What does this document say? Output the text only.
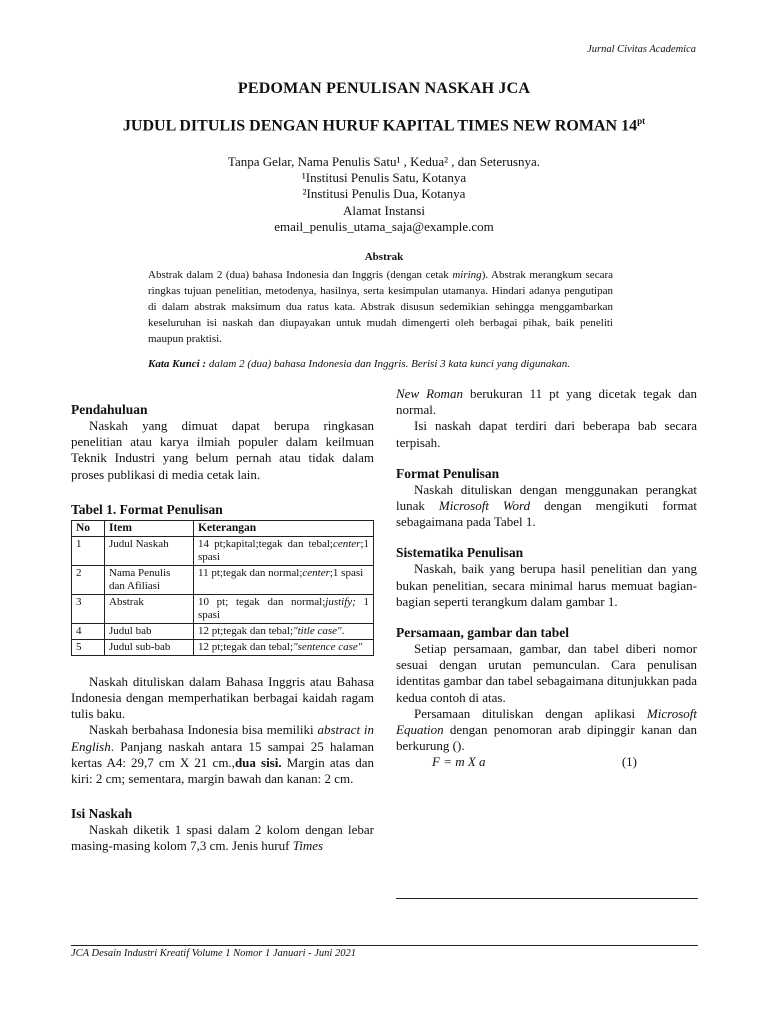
Jurnal Civitas Academica
PEDOMAN PENULISAN NASKAH JCA
JUDUL DITULIS DENGAN HURUF KAPITAL TIMES NEW ROMAN $14^{pt}$
Tanpa Gelar, Nama Penulis Satu¹ , Kedua² , dan Seterusnya.
¹Institusi Penulis Satu, Kotanya
²Institusi Penulis Dua, Kotanya
Alamat Instansi
email_penulis_utama_saja@example.com
Abstrak
Abstrak dalam 2 (dua) bahasa Indonesia dan Inggris (dengan cetak miring). Abstrak merangkum secara ringkas tujuan penelitian, metodenya, hasilnya, serta kesimpulan utamanya. Hindari adanya pengutipan di dalam abstrak maksimum dua ratus kata. Abstrak disusun sedemikian sehingga menggambarkan keseluruhan isi naskah dan diupayakan untuk mudah dimengerti oleh berbagai pihak, baik peneliti maupun praktisi.
Kata Kunci : dalam 2 (dua) bahasa Indonesia dan Inggris. Berisi 3 kata kunci yang digunakan.
Pendahuluan

Naskah yang dimuat dapat berupa ringkasan penelitian atau karya ilmiah populer dalam keilmuan Teknik Industri yang belum pernah atau tidak dalam proses publikasi di media cetak lain.

Tabel 1. Format Penulisan
No	Item	Keterangan
1	Judul Naskah	14 pt;kapital;tegak dan tebal;center;1 spasi
2	Nama Penulis dan Afiliasi	11 pt;tegak dan normal;center;1 spasi
3	Abstrak	10 pt; tegak dan normal;justify; 1 spasi
4	Judul bab	12 pt;tegak dan tebal;"title case".
5	Judul sub-bab	12 pt;tegak dan tebal;"sentence case"

Naskah dituliskan dalam Bahasa Inggris atau Bahasa Indonesia dengan memperhatikan berbagai kaidah ragam tulis baku.

Naskah berbahasa Indonesia bisa memiliki abstract in English. Panjang naskah antara 15 sampai 25 halaman kertas A4: 29,7 cm X 21 cm.,dua sisi. Margin atas dan kiri: 2 cm; sementara, margin bawah dan kanan: 2 cm.

Isi Naskah

Naskah diketik 1 spasi dalam 2 kolom dengan lebar masing-masing kolom 7,3 cm. Jenis huruf Times

New Roman berukuran 11 pt yang dicetak tegak dan normal.

Isi naskah dapat terdiri dari beberapa bab secara terpisah.

Format Penulisan

Naskah dituliskan dengan menggunakan perangkat lunak Microsoft Word dengan mengikuti format sebagaimana pada Tabel 1.

Sistematika Penulisan

Naskah, baik yang berupa hasil penelitian dan yang bukan penelitian, secara minimal harus memuat bagian-bagian seperti terangkum dalam gambar 1.

Persamaan, gambar dan tabel

Setiap persamaan, gambar, dan tabel diberi nomor sesuai dengan urutan pemunculan. Cara penulisan identitas gambar dan tabel sebagaimana ditunjukkan pada kedua contoh di atas.

Persamaan dituliskan dengan aplikasi Microsoft Equation dengan penomoran arab dipinggir kanan dan berkurung ().

F = m X a	(1)
JCA Desain Industri Kreatif Volume 1 Nomor 1 Januari - Juni 2021
